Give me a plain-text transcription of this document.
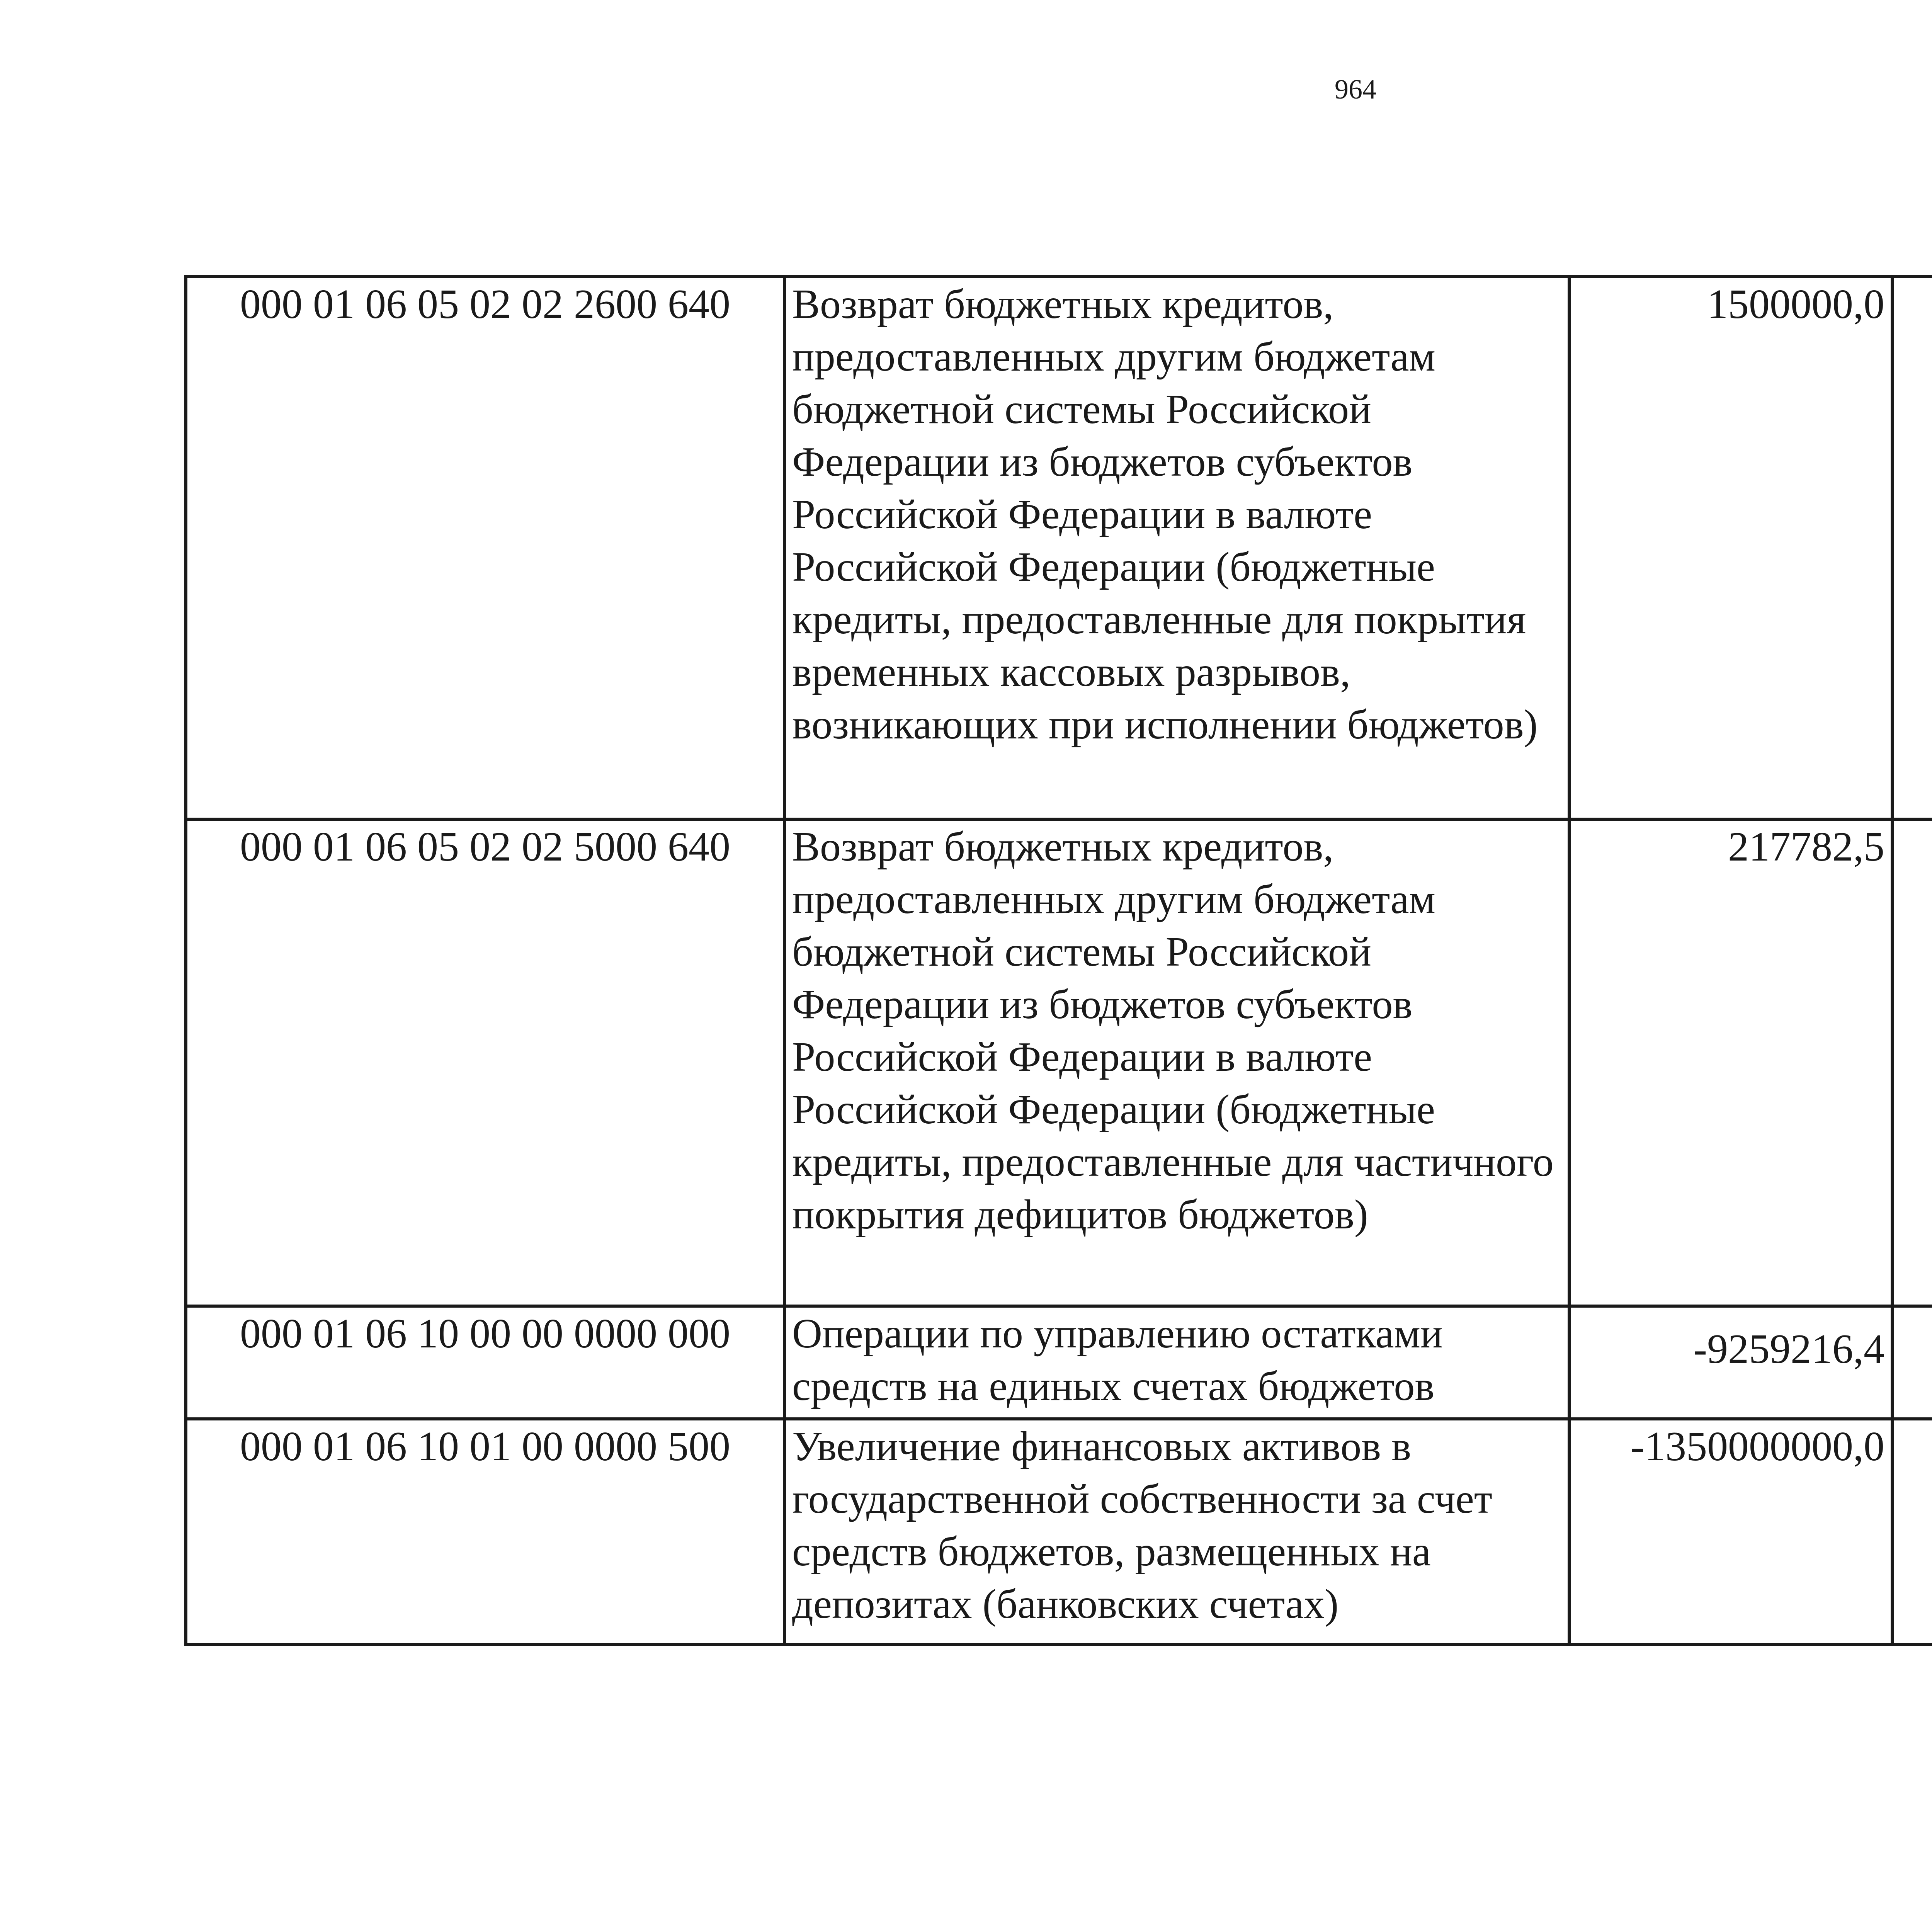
964
000 01 06 05 02 02 2600 640	Возврат бюджетных кредитов, предоставленных другим бюджетам бюджетной системы Российской Федерации из бюджетов субъектов Российской Федерации в валюте Российской Федерации (бюджетные кредиты, предоставленные для покрытия временных кассовых разрывов, возникающих при исполнении бюджетов)	1500000,0		
000 01 06 05 02 02 5000 640	Возврат бюджетных кредитов, предоставленных другим бюджетам бюджетной системы Российской Федерации из бюджетов субъектов Российской Федерации в валюте Российской Федерации (бюджетные кредиты, предоставленные для частичного покрытия дефицитов бюджетов)	217782,5		
000 01 06 10 00 00 0000 000	Операции по управлению остатками средств на единых счетах бюджетов	-9259216,4		
000 01 06 10 01 00 0000 500	Увеличение финансовых активов в государственной собственности за счет средств бюджетов, размещенных на депозитах (банковских счетах)	-1350000000,0		
